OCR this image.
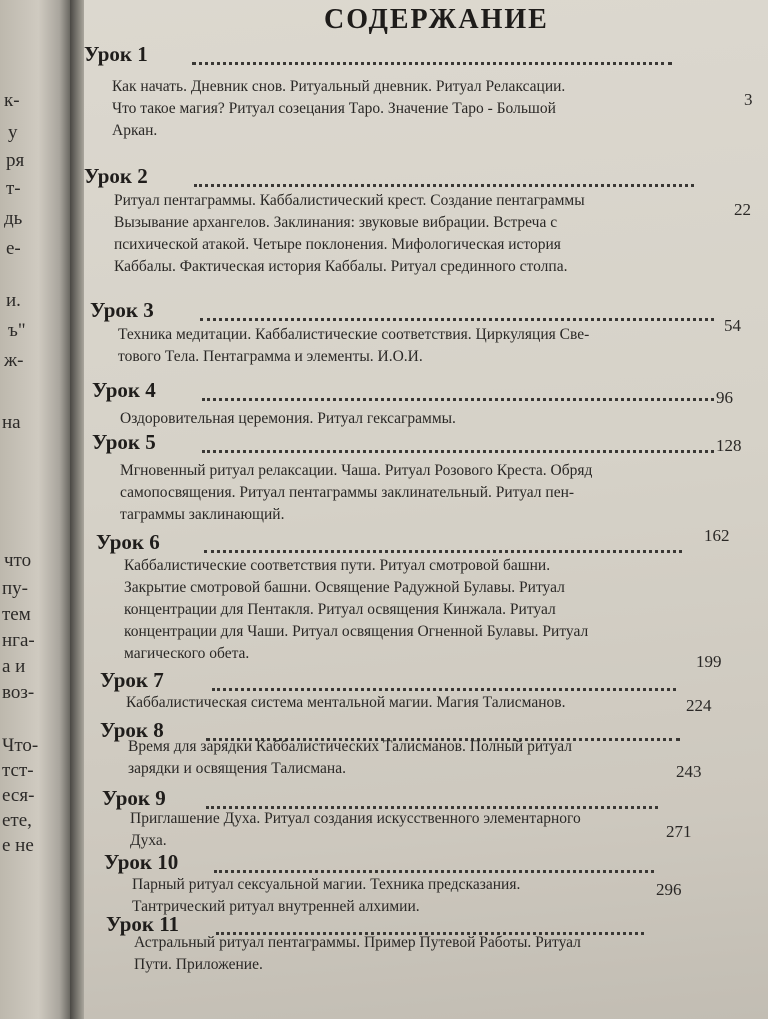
к-
у
ря
т-
дь
е-
и.
ъ"
ж-
на
что
пу-
тем
нга-
а и
воз-
Что-
тст-
еся-
ете,
е не
СОДЕРЖАНИЕ
Урок 1
3
Как начать. Дневник снов. Ритуальный дневник. Ритуал Релаксации.
Что такое магия? Ритуал созецания Таро. Значение Таро - Большой
Аркан.
Урок 2
22
Ритуал пентаграммы. Каббалистический крест. Создание пентаграммы
Вызывание архангелов. Заклинания: звуковые вибрации. Встреча с
психической атакой. Четыре поклонения. Мифологическая история
Каббалы. Фактическая история Каббалы. Ритуал срединного столпа.
Урок 3
54
Техника медитации. Каббалистические соответствия. Циркуляция Све-
тового Тела. Пентаграмма и элементы. И.О.И.
Урок 4	96
Оздоровительная церемония. Ритуал гексаграммы.
Урок 5	128
Мгновенный ритуал релаксации. Чаша. Ритуал Розового Креста. Обряд
самопосвящения. Ритуал пентаграммы заклинательный. Ритуал пен-
таграммы заклинающий.
Урок 6	162
Каббалистические соответствия пути. Ритуал смотровой башни.
Закрытие смотровой башни. Освящение Радужной Булавы. Ритуал
концентрации для Пентакля. Ритуал освящения Кинжала. Ритуал
концентрации для Чаши. Ритуал освящения Огненной Булавы. Ритуал
магического обета.
Урок 7
199
Каббалистическая система ментальной магии. Магия Талисманов.
Урок 8
224
Время для зарядки Каббалистических Талисманов. Полный ритуал
зарядки и освящения Талисмана.
Урок 9
243
Приглашение Духа. Ритуал создания искусственного элементарного
Духа.
Урок 10
271
Парный ритуал сексуальной магии. Техника предсказания.
Тантрический ритуал внутренней алхимии.
Урок 11
296
Астральный ритуал пентаграммы. Пример Путевой Работы. Ритуал
Пути. Приложение.
